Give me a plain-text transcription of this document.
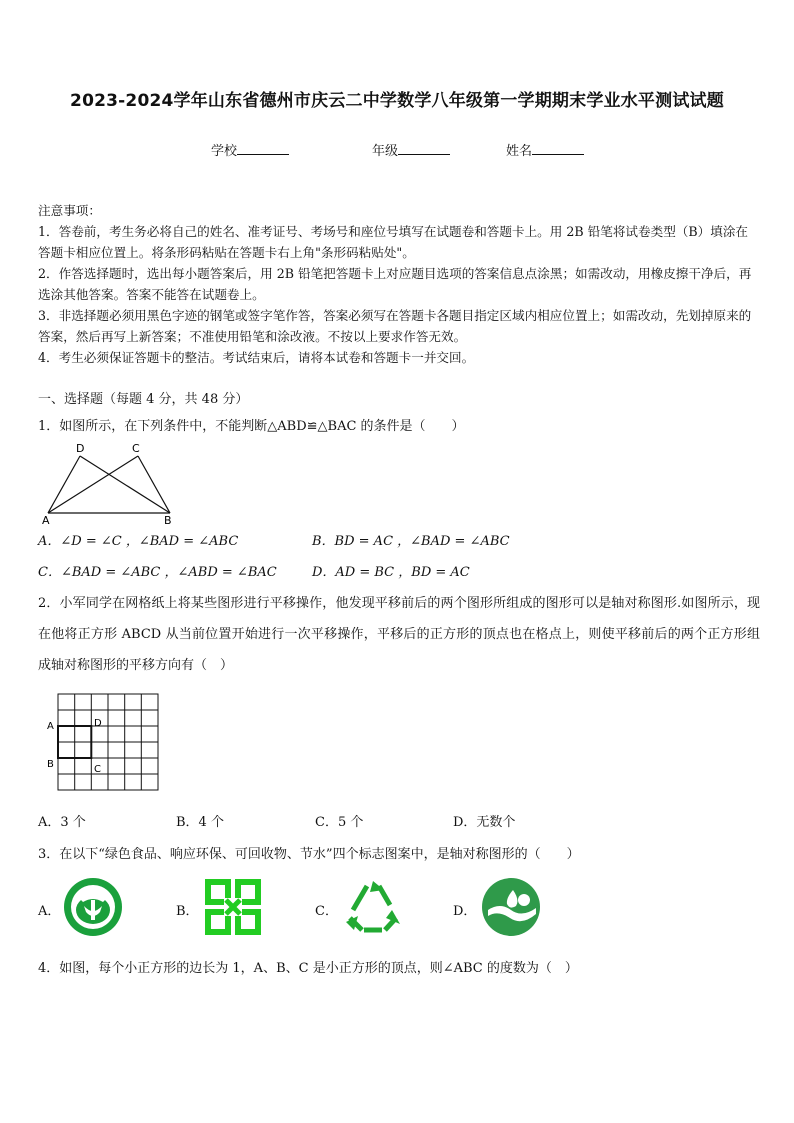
2023-2024学年山东省德州市庆云二中学数学八年级第一学期期末学业水平测试试题
学校	年级	姓名

注意事项：

1．答卷前，考生务必将自己的姓名、准考证号、考场号和座位号填写在试题卷和答题卡上。用 2B 铅笔将试卷类型（B）填涂在答题卡相应位置上。将条形码粘贴在答题卡右上角"条形码粘贴处"。

2．作答选择题时，选出每小题答案后，用 2B 铅笔把答题卡上对应题目选项的答案信息点涂黑；如需改动，用橡皮擦干净后，再选涂其他答案。答案不能答在试题卷上。

3．非选择题必须用黑色字迹的钢笔或签字笔作答，答案必须写在答题卡各题目指定区域内相应位置上；如需改动，先划掉原来的答案，然后再写上新答案；不准使用铅笔和涂改液。不按以上要求作答无效。

4．考生必须保证答题卡的整洁。考试结束后，请将本试卷和答题卡一并交回。

一、选择题（每题 4 分，共 48 分）
1．如图所示，在下列条件中，不能判断△ABD≌△BAC 的条件是（　　）
D	C
A	B
A．∠D = ∠C ，∠BAD = ∠ABC	B．BD = AC ，∠BAD = ∠ABC
C．∠BAD = ∠ABC ，∠ABD = ∠BAC	D．AD = BC ，BD = AC
2．小军同学在网格纸上将某些图形进行平移操作，他发现平移前后的两个图形所组成的图形可以是轴对称图形.如图所示，现在他将正方形 ABCD 从当前位置开始进行一次平移操作，平移后的正方形的顶点也在格点上，则使平移前后的两个正方形组成轴对称图形的平移方向有（　）
A	D
B	C
A．3 个	B．4 个	C．5 个	D．无数个
3．在以下“绿色食品、响应环保、可回收物、节水”四个标志图案中，是轴对称图形的（　　）
A．	B．	C．	D．
4．如图，每个小正方形的边长为 1，A、B、C 是小正方形的顶点，则∠ABC 的度数为（　）
